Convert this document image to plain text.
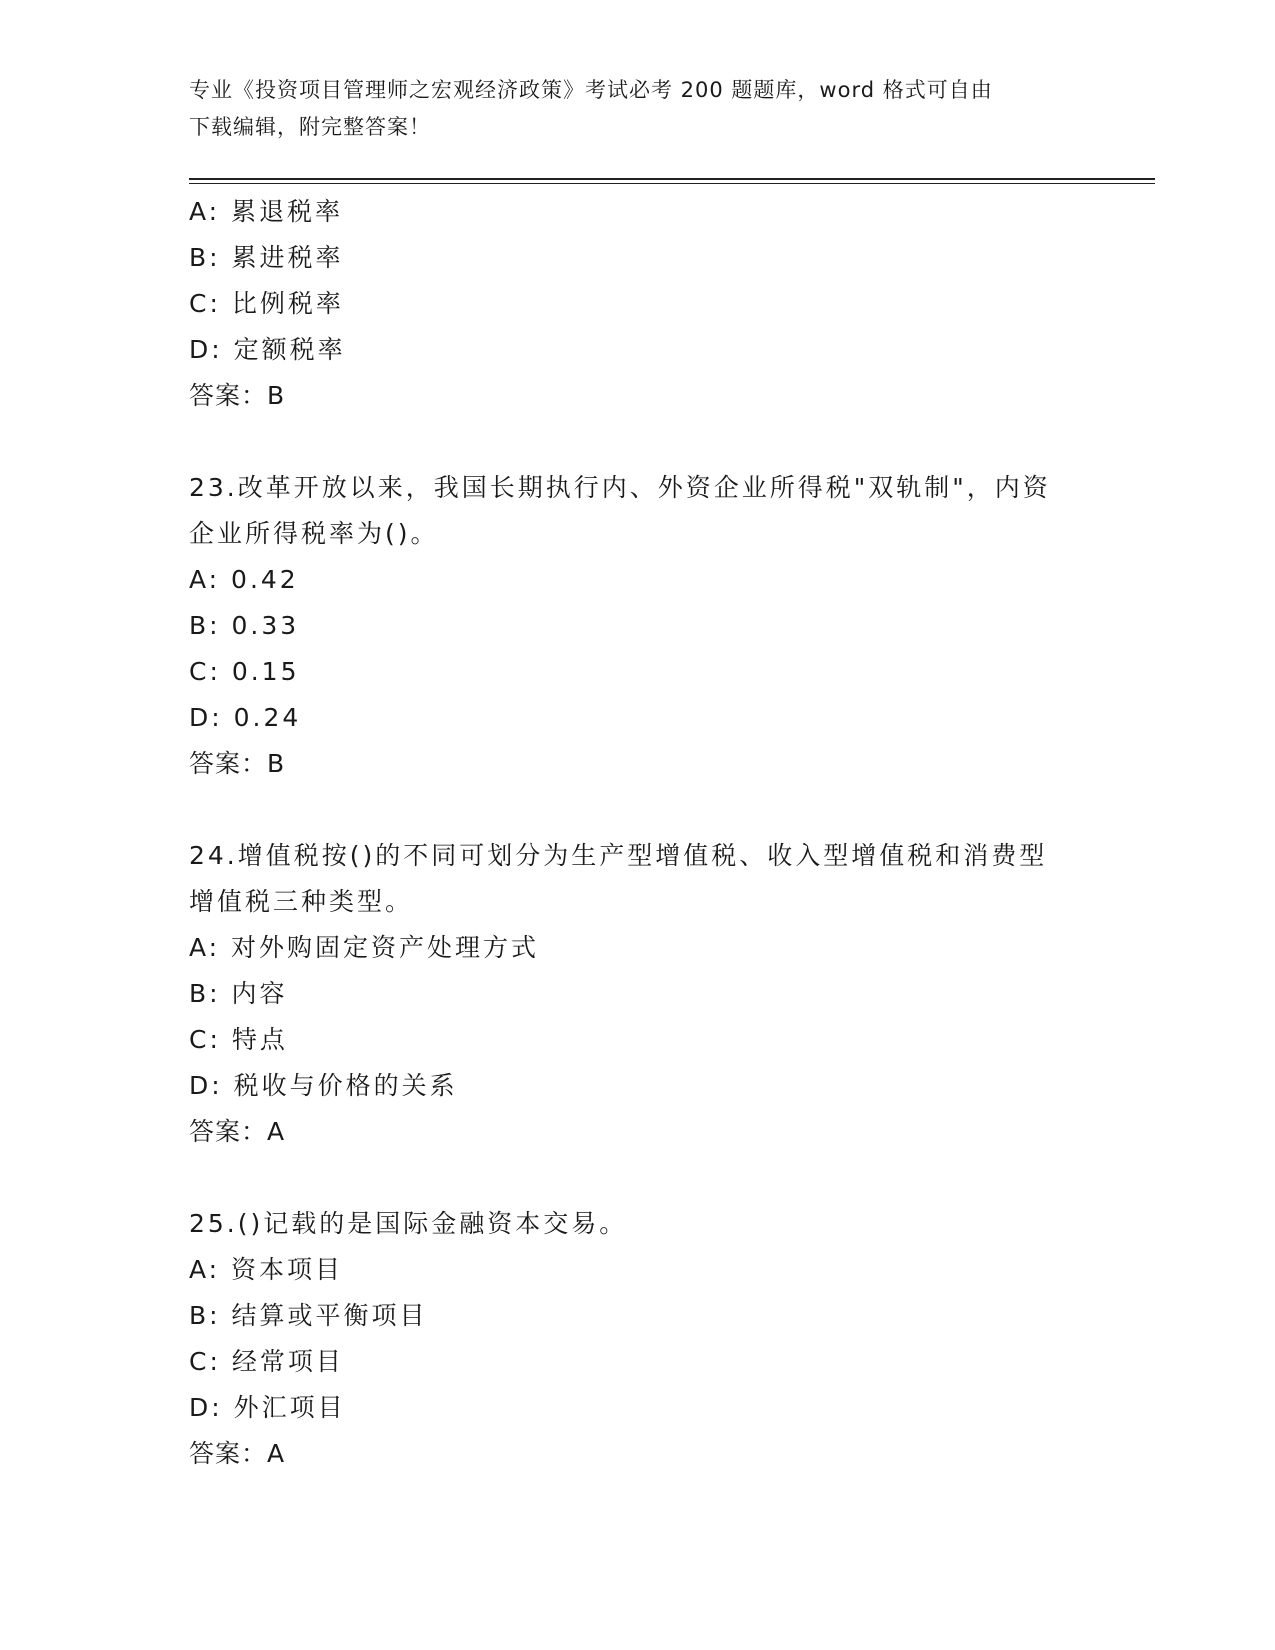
专业《投资项目管理师之宏观经济政策》考试必考 200 题题库，word 格式可自由
下载编辑，附完整答案！
A: 累退税率
B: 累进税率
C: 比例税率
D: 定额税率
答案：B
23.改革开放以来，我国长期执行内、外资企业所得税"双轨制"，内资
企业所得税率为()。
A: 0.42
B: 0.33
C: 0.15
D: 0.24
答案：B
24.增值税按()的不同可划分为生产型增值税、收入型增值税和消费型
增值税三种类型。
A: 对外购固定资产处理方式
B: 内容
C: 特点
D: 税收与价格的关系
答案：A
25.()记载的是国际金融资本交易。
A: 资本项目
B: 结算或平衡项目
C: 经常项目
D: 外汇项目
答案：A
